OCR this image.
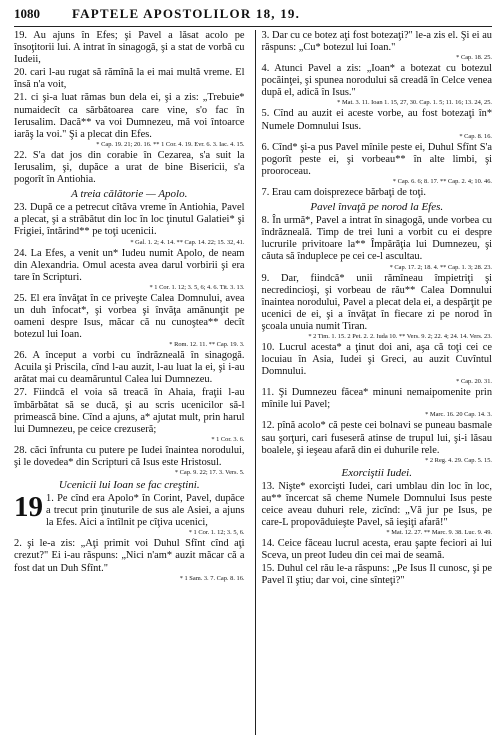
1080	FAPTELE APOSTOLILOR 18, 19.

19. Au ajuns în Efes; şi Pavel a lăsat acolo pe însoţitorii lui. A intrat în sinagogă, şi a stat de vorbă cu Iudeii,

20. cari l-au rugat să rămînă la ei mai multă vreme. El însă n'a voit,

21. ci şi-a luat rămas bun dela ei, şi a zis: „Trebuie* numaidecît ca sărbătoarea care vine, s'o fac în Ierusalim. Dacă** va voi Dumnezeu, mă voi întoarce iarăş la voi." Şi a plecat din Efes.

* Cap. 19. 21; 20. 16. ** 1 Cor. 4. 19. Evr. 6. 3. Iac. 4. 15.

22. S'a dat jos din corabie în Cezarea, s'a suit la Ierusalim, şi, dupăce a urat de bine Bisericii, s'a pogorît în Antiohia.

A treia călătorie — Apolo.

23. După ce a petrecut cîtăva vreme în Antiohia, Pavel a plecat, şi a străbătut din loc în loc ţinutul Galatiei* şi Frigiei, întărind** pe toţi ucenicii.

* Gal. 1. 2; 4. 14. ** Cap. 14. 22; 15. 32, 41.

24. La Efes, a venit un* Iudeu numit Apolo, de neam din Alexandria. Omul acesta avea darul vorbirii şi era tare în Scripturi.

* 1 Cor. 1. 12; 3. 5, 6; 4. 6. Tit. 3. 13.

25. El era învăţat în ce priveşte Calea Domnului, avea un duh înfocat*, şi vorbea şi învăţa amănunţit pe oameni despre Isus, măcar că nu cunoştea** decît botezul lui Ioan.

* Rom. 12. 11. ** Cap. 19. 3.

26. A început a vorbi cu îndrăzneală în sinagogă. Acuila şi Priscila, cînd l-au auzit, l-au luat la ei, şi i-au arătat mai cu deamăruntul Calea lui Dumnezeu.

27. Fiindcă el voia să treacă în Ahaia, fraţii l-au îmbărbătat să se ducă, şi au scris ucenicilor să-l primească bine. Cînd a ajuns, a* ajutat mult, prin harul lui Dumnezeu, pe ceice crezuseră;

* 1 Cor. 3. 6.

28. căci înfrunta cu putere pe Iudei înaintea norodului, şi le dovedea* din Scripturi că Isus este Hristosul.

* Cap. 9. 22; 17. 3. Vers. 5.

Ucenicii lui Ioan se fac creştini.

19 1. Pe cînd era Apolo* în Corint, Pavel, dupăce a trecut prin ţinuturile de sus ale Asiei, a ajuns la Efes. Aici a întîlnit pe cîţiva ucenici,

* 1 Cor. 1. 12; 3. 5, 6.

2. şi le-a zis: „Aţi primit voi Duhul Sfînt cînd aţi crezut?" Ei i-au răspuns: „Nici n'am* auzit măcar că a fost dat un Duh Sfînt."

* 1 Sam. 3. 7. Cap. 8. 16.

3. Dar cu ce botez aţi fost botezaţi?" le-a zis el. Şi ei au răspuns: „Cu* botezul lui Ioan."

* Cap. 18. 25.

4. Atunci Pavel a zis: „Ioan* a botezat cu botezul pocăinţei, şi spunea norodului să creadă în Celce venea după el, adică în Isus."

* Mat. 3. 11. Ioan 1. 15, 27, 30. Cap. 1. 5; 11. 16; 13. 24, 25.

5. Cînd au auzit ei aceste vorbe, au fost botezaţi în* Numele Domnului Isus.

* Cap. 8. 16.

6. Cînd* şi-a pus Pavel mînile peste ei, Duhul Sfînt S'a pogorît peste ei, şi vorbeau** în alte limbi, şi prooroceau.

* Cap. 6. 6; 8. 17. ** Cap. 2. 4; 10. 46.

7. Erau cam doisprezece bărbaţi de toţi.

Pavel învaţă pe norod la Efes.

8. În urmă*, Pavel a intrat în sinagogă, unde vorbea cu îndrăzneală. Timp de trei luni a vorbit cu ei despre lucrurile privitoare la** Împărăţia lui Dumnezeu, şi căuta să înduplece pe cei ce-l ascultau.

* Cap. 17. 2; 18. 4. ** Cap. 1. 3; 28. 23.

9. Dar, fiindcă* unii rămîneau împietriţi şi necredincioşi, şi vorbeau de rău** Calea Domnului înaintea norodului, Pavel a plecat dela ei, a despărţit pe ucenici de ei, şi a învăţat în fiecare zi pe norod în şcoala unuia numit Tiran.

* 2 Tim. 1. 15. 2 Pet. 2. 2. Iuda 10. ** Vers. 9. 2; 22. 4; 24. 14. Vers. 23.

10. Lucrul acesta* a ţinut doi ani, aşa că toţi cei ce locuiau în Asia, Iudei şi Greci, au auzit Cuvîntul Domnului.

* Cap. 20. 31.

11. Şi Dumnezeu făcea* minuni nemaipomenite prin mînile lui Pavel;

* Marc. 16. 20 Cap. 14. 3.

12. pînă acolo* că peste cei bolnavi se puneau basmale sau şorţuri, cari fuseseră atinse de trupul lui, şi-i lăsau boalele, şi ieşeau afară din ei duhurile rele.

* 2 Reg. 4. 29. Cap. 5. 15.

Exorciştii Iudei.

13. Nişte* exorcişti Iudei, cari umblau din loc în loc, au** încercat să cheme Numele Domnului Isus peste ceice aveau duhuri rele, zicînd: „Vă jur pe Isus, pe care-L propovăduieşte Pavel, să ieşiţi afară!"

* Mat. 12. 27. ** Marc. 9. 38. Luc. 9. 49.

14. Ceice făceau lucrul acesta, erau şapte feciori ai lui Sceva, un preot Iudeu din cei mai de seamă.

15. Duhul cel rău le-a răspuns: „Pe Isus Il cunosc, şi pe Pavel îl ştiu; dar voi, cine sînteţi?"
